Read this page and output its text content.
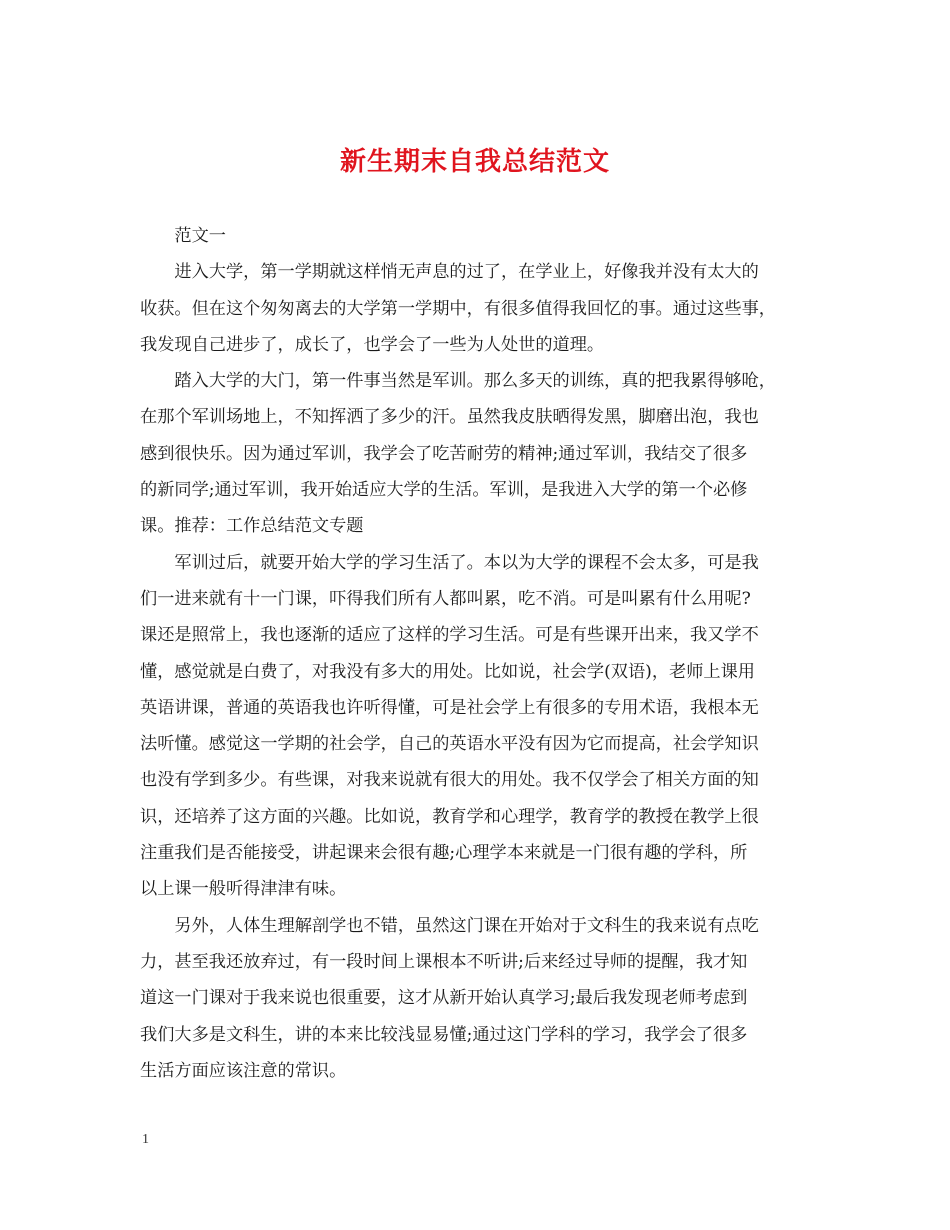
新生期末自我总结范文

范文一

进入大学，第一学期就这样悄无声息的过了，在学业上，好像我并没有太大的
收获。但在这个匆匆离去的大学第一学期中，有很多值得我回忆的事。通过这些事，
我发现自己进步了，成长了，也学会了一些为人处世的道理。

踏入大学的大门，第一件事当然是军训。那么多天的训练，真的把我累得够呛，
在那个军训场地上，不知挥洒了多少的汗。虽然我皮肤晒得发黑，脚磨出泡，我也
感到很快乐。因为通过军训，我学会了吃苦耐劳的精神;通过军训，我结交了很多
的新同学;通过军训，我开始适应大学的生活。军训，是我进入大学的第一个必修
课。推荐：工作总结范文专题

军训过后，就要开始大学的学习生活了。本以为大学的课程不会太多，可是我
们一进来就有十一门课，吓得我们所有人都叫累，吃不消。可是叫累有什么用呢?
课还是照常上，我也逐渐的适应了这样的学习生活。可是有些课开出来，我又学不
懂，感觉就是白费了，对我没有多大的用处。比如说，社会学(双语)，老师上课用
英语讲课，普通的英语我也许听得懂，可是社会学上有很多的专用术语，我根本无
法听懂。感觉这一学期的社会学，自己的英语水平没有因为它而提高，社会学知识
也没有学到多少。有些课，对我来说就有很大的用处。我不仅学会了相关方面的知
识，还培养了这方面的兴趣。比如说，教育学和心理学，教育学的教授在教学上很
注重我们是否能接受，讲起课来会很有趣;心理学本来就是一门很有趣的学科，所
以上课一般听得津津有味。

另外，人体生理解剖学也不错，虽然这门课在开始对于文科生的我来说有点吃
力，甚至我还放弃过，有一段时间上课根本不听讲;后来经过导师的提醒，我才知
道这一门课对于我来说也很重要，这才从新开始认真学习;最后我发现老师考虑到
我们大多是文科生，讲的本来比较浅显易懂;通过这门学科的学习，我学会了很多
生活方面应该注意的常识。

1
